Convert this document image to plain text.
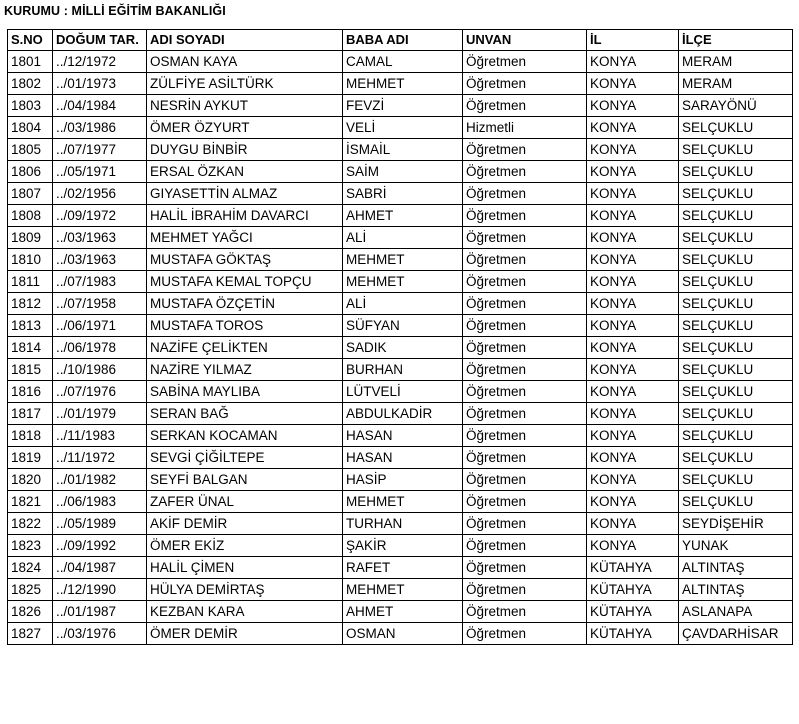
KURUMU : MİLLİ EĞİTİM BAKANLIĞI
S.NO	DOĞUM TAR.	ADI SOYADI	BABA ADI	UNVAN	İL	İLÇE
1801	../12/1972	OSMAN KAYA	CAMAL	Öğretmen	KONYA	MERAM
1802	../01/1973	ZÜLFİYE ASİLTÜRK	MEHMET	Öğretmen	KONYA	MERAM
1803	../04/1984	NESRİN AYKUT	FEVZİ	Öğretmen	KONYA	SARAYÖNÜ
1804	../03/1986	ÖMER ÖZYURT	VELİ	Hizmetli	KONYA	SELÇUKLU
1805	../07/1977	DUYGU BİNBİR	İSMAİL	Öğretmen	KONYA	SELÇUKLU
1806	../05/1971	ERSAL ÖZKAN	SAİM	Öğretmen	KONYA	SELÇUKLU
1807	../02/1956	GIYASETTİN ALMAZ	SABRİ	Öğretmen	KONYA	SELÇUKLU
1808	../09/1972	HALİL İBRAHİM DAVARCI	AHMET	Öğretmen	KONYA	SELÇUKLU
1809	../03/1963	MEHMET YAĞCI	ALİ	Öğretmen	KONYA	SELÇUKLU
1810	../03/1963	MUSTAFA GÖKTAŞ	MEHMET	Öğretmen	KONYA	SELÇUKLU
1811	../07/1983	MUSTAFA KEMAL TOPÇU	MEHMET	Öğretmen	KONYA	SELÇUKLU
1812	../07/1958	MUSTAFA ÖZÇETİN	ALİ	Öğretmen	KONYA	SELÇUKLU
1813	../06/1971	MUSTAFA TOROS	SÜFYAN	Öğretmen	KONYA	SELÇUKLU
1814	../06/1978	NAZİFE ÇELİKTEN	SADIK	Öğretmen	KONYA	SELÇUKLU
1815	../10/1986	NAZİRE YILMAZ	BURHAN	Öğretmen	KONYA	SELÇUKLU
1816	../07/1976	SABİNA MAYLIBA	LÜTVELİ	Öğretmen	KONYA	SELÇUKLU
1817	../01/1979	SERAN BAĞ	ABDULKADİR	Öğretmen	KONYA	SELÇUKLU
1818	../11/1983	SERKAN KOCAMAN	HASAN	Öğretmen	KONYA	SELÇUKLU
1819	../11/1972	SEVGİ ÇİĞİLTEPE	HASAN	Öğretmen	KONYA	SELÇUKLU
1820	../01/1982	SEYFİ BALGAN	HASİP	Öğretmen	KONYA	SELÇUKLU
1821	../06/1983	ZAFER ÜNAL	MEHMET	Öğretmen	KONYA	SELÇUKLU
1822	../05/1989	AKİF DEMİR	TURHAN	Öğretmen	KONYA	SEYDİŞEHİR
1823	../09/1992	ÖMER EKİZ	ŞAKİR	Öğretmen	KONYA	YUNAK
1824	../04/1987	HALİL ÇİMEN	RAFET	Öğretmen	KÜTAHYA	ALTINTAŞ
1825	../12/1990	HÜLYA DEMİRTAŞ	MEHMET	Öğretmen	KÜTAHYA	ALTINTAŞ
1826	../01/1987	KEZBAN KARA	AHMET	Öğretmen	KÜTAHYA	ASLANAPA
1827	../03/1976	ÖMER DEMİR	OSMAN	Öğretmen	KÜTAHYA	ÇAVDARHİSAR
